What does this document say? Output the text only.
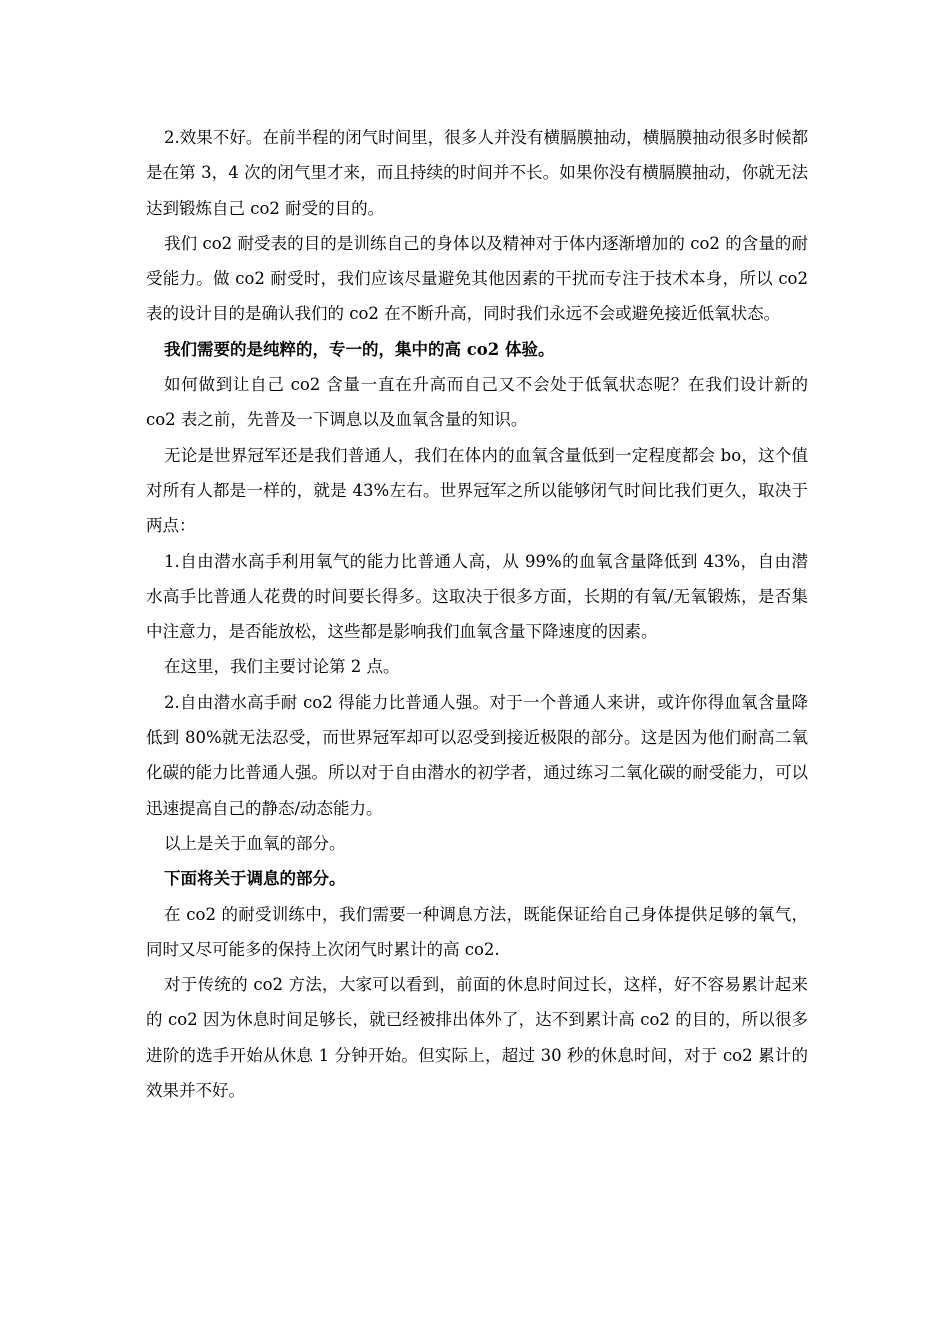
2.效果不好。在前半程的闭气时间里，很多人并没有横膈膜抽动，横膈膜抽动很多时候都是在第 3，4 次的闭气里才来，而且持续的时间并不长。如果你没有横膈膜抽动，你就无法达到锻炼自己 co2 耐受的目的。

我们 co2 耐受表的目的是训练自己的身体以及精神对于体内逐渐增加的 co2 的含量的耐受能力。做 co2 耐受时，我们应该尽量避免其他因素的干扰而专注于技术本身，所以 co2 表的设计目的是确认我们的 co2 在不断升高，同时我们永远不会或避免接近低氧状态。

我们需要的是纯粹的，专一的，集中的高 co2 体验。

如何做到让自己 co2 含量一直在升高而自己又不会处于低氧状态呢？在我们设计新的 co2 表之前，先普及一下调息以及血氧含量的知识。

无论是世界冠军还是我们普通人，我们在体内的血氧含量低到一定程度都会 bo，这个值对所有人都是一样的，就是 43%左右。世界冠军之所以能够闭气时间比我们更久，取决于两点：

1.自由潜水高手利用氧气的能力比普通人高，从 99%的血氧含量降低到 43%，自由潜水高手比普通人花费的时间要长得多。这取决于很多方面，长期的有氧/无氧锻炼，是否集中注意力，是否能放松，这些都是影响我们血氧含量下降速度的因素。

在这里，我们主要讨论第 2 点。

2.自由潜水高手耐 co2 得能力比普通人强。对于一个普通人来讲，或许你得血氧含量降低到 80%就无法忍受，而世界冠军却可以忍受到接近极限的部分。这是因为他们耐高二氧化碳的能力比普通人强。所以对于自由潜水的初学者，通过练习二氧化碳的耐受能力，可以迅速提高自己的静态/动态能力。

以上是关于血氧的部分。

下面将关于调息的部分。

在 co2 的耐受训练中，我们需要一种调息方法，既能保证给自己身体提供足够的氧气，同时又尽可能多的保持上次闭气时累计的高 co2.

对于传统的 co2 方法，大家可以看到，前面的休息时间过长，这样，好不容易累计起来的 co2 因为休息时间足够长，就已经被排出体外了，达不到累计高 co2 的目的，所以很多进阶的选手开始从休息 1 分钟开始。但实际上，超过 30 秒的休息时间，对于 co2 累计的效果并不好。
